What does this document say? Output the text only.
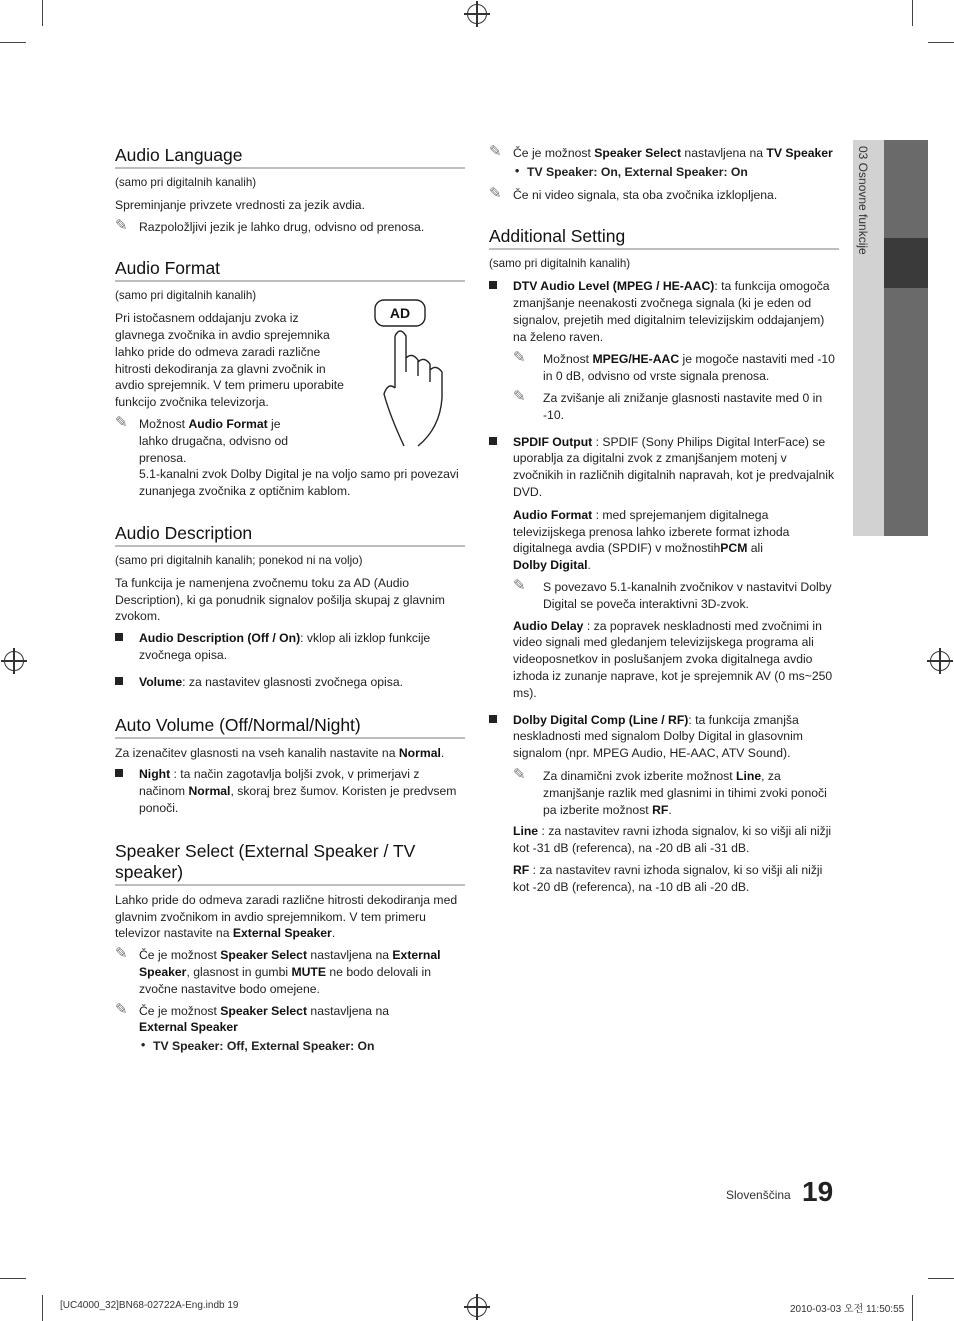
03 Osnovne funkcije
Audio Language
(samo pri digitalnih kanalih)
Spreminjanje privzete vrednosti za jezik avdia.
✎ Razpoložljivi jezik je lahko drug, odvisno od prenosa.
Audio Format
(samo pri digitalnih kanalih)
Pri istočasnem oddajanju zvoka iz glavnega zvočnika in avdio sprejemnika lahko pride do odmeva zaradi različne hitrosti dekodiranja za glavni zvočnik in avdio sprejemnik. V tem primeru uporabite funkcijo zvočnika televizorja.
AD
✎ Možnost Audio Format je lahko drugačna, odvisno od prenosa.
5.1-kanalni zvok Dolby Digital je na voljo samo pri povezavi zunanjega zvočnika z optičnim kablom.
Audio Description
(samo pri digitalnih kanalih; ponekod ni na voljo)
Ta funkcija je namenjena zvočnemu toku za AD (Audio Description), ki ga ponudnik signalov pošilja skupaj z glavnim zvokom.
Audio Description (Off / On): vklop ali izklop funkcije zvočnega opisa.
Volume: za nastavitev glasnosti zvočnega opisa.
Auto Volume (Off/Normal/Night)
Za izenačitev glasnosti na vseh kanalih nastavite na Normal.
Night : ta način zagotavlja boljši zvok, v primerjavi z načinom Normal, skoraj brez šumov. Koristen je predvsem ponoči.
Speaker Select (External Speaker / TV speaker)
Lahko pride do odmeva zaradi različne hitrosti dekodiranja med glavnim zvočnikom in avdio sprejemnikom. V tem primeru televizor nastavite na External Speaker.
✎ Če je možnost Speaker Select nastavljena na External Speaker, glasnost in gumbi MUTE ne bodo delovali in zvočne nastavitve bodo omejene.
✎ Če je možnost Speaker Select nastavljena na
External Speaker
• TV Speaker: Off, External Speaker: On
✎ Če je možnost Speaker Select nastavljena na TV Speaker
• TV Speaker: On, External Speaker: On
✎ Če ni video signala, sta oba zvočnika izklopljena.
Additional Setting
(samo pri digitalnih kanalih)
DTV Audio Level (MPEG / HE-AAC): ta funkcija omogoča zmanjšanje neenakosti zvočnega signala (ki je eden od signalov, prejetih med digitalnim televizijskim oddajanjem) na želeno raven.
✎ Možnost MPEG/HE-AAC je mogoče nastaviti med -10 in 0 dB, odvisno od vrste signala prenosa.
✎ Za zvišanje ali znižanje glasnosti nastavite med 0 in -10.
SPDIF Output : SPDIF (Sony Philips Digital InterFace) se uporablja za digitalni zvok z zmanjšanjem motenj v zvočnikih in različnih digitalnih napravah, kot je predvajalnik DVD.
Audio Format : med sprejemanjem digitalnega televizijskega prenosa lahko izberete format izhoda digitalnega avdia (SPDIF) v možnostihPCM ali
Dolby Digital.
✎ S povezavo 5.1-kanalnih zvočnikov v nastavitvi Dolby Digital se poveča interaktivni 3D-zvok.
Audio Delay : za popravek neskladnosti med zvočnimi in video signali med gledanjem televizijskega programa ali videoposnetkov in poslušanjem zvoka digitalnega avdio izhoda iz zunanje naprave, kot je sprejemnik AV (0 ms~250 ms).
Dolby Digital Comp (Line / RF): ta funkcija zmanjša neskladnosti med signalom Dolby Digital in glasovnim signalom (npr. MPEG Audio, HE-AAC, ATV Sound).
✎ Za dinamični zvok izberite možnost Line, za zmanjšanje razlik med glasnimi in tihimi zvoki ponoči pa izberite možnost RF.
Line : za nastavitev ravni izhoda signalov, ki so višji ali nižji kot -31 dB (referenca), na -20 dB ali -31 dB.
RF : za nastavitev ravni izhoda signalov, ki so višji ali nižji kot -20 dB (referenca), na -10 dB ali -20 dB.
Slovenščina 19
[UC4000_32]BN68-02722A-Eng.indb 19	2010-03-03 오전 11:50:55
